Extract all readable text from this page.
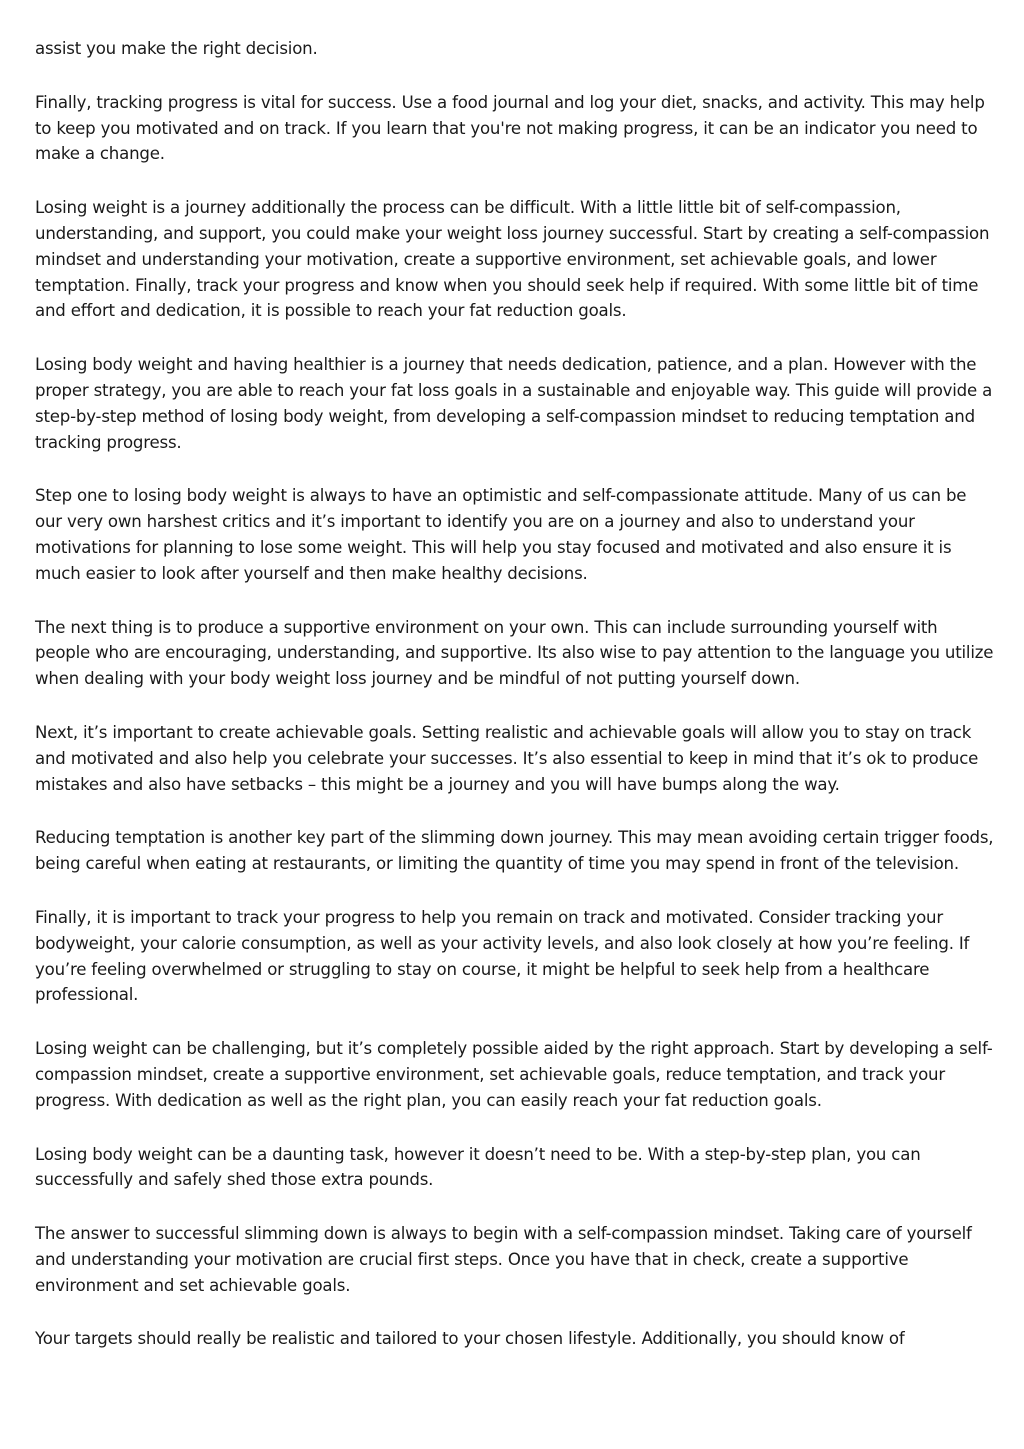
assist you make the right decision.

Finally, tracking progress is vital for success. Use a food journal and log your diet, snacks, and activity. This may help to keep you motivated and on track. If you learn that you're not making progress, it can be an indicator you need to make a change.

Losing weight is a journey additionally the process can be difficult. With a little little bit of self-compassion, understanding, and support, you could make your weight loss journey successful. Start by creating a self-compassion mindset and understanding your motivation, create a supportive environment, set achievable goals, and lower temptation. Finally, track your progress and know when you should seek help if required. With some little bit of time and effort and dedication, it is possible to reach your fat reduction goals.

Losing body weight and having healthier is a journey that needs dedication, patience, and a plan. However with the proper strategy, you are able to reach your fat loss goals in a sustainable and enjoyable way. This guide will provide a step-by-step method of losing body weight, from developing a self-compassion mindset to reducing temptation and tracking progress.

Step one to losing body weight is always to have an optimistic and self-compassionate attitude. Many of us can be our very own harshest critics and it’s important to identify you are on a journey and also to understand your motivations for planning to lose some weight. This will help you stay focused and motivated and also ensure it is much easier to look after yourself and then make healthy decisions.

The next thing is to produce a supportive environment on your own. This can include surrounding yourself with people who are encouraging, understanding, and supportive. Its also wise to pay attention to the language you utilize when dealing with your body weight loss journey and be mindful of not putting yourself down.

Next, it’s important to create achievable goals. Setting realistic and achievable goals will allow you to stay on track and motivated and also help you celebrate your successes. It’s also essential to keep in mind that it’s ok to produce mistakes and also have setbacks – this might be a journey and you will have bumps along the way.

Reducing temptation is another key part of the slimming down journey. This may mean avoiding certain trigger foods, being careful when eating at restaurants, or limiting the quantity of time you may spend in front of the television.

Finally, it is important to track your progress to help you remain on track and motivated. Consider tracking your bodyweight, your calorie consumption, as well as your activity levels, and also look closely at how you’re feeling. If you’re feeling overwhelmed or struggling to stay on course, it might be helpful to seek help from a healthcare professional.

Losing weight can be challenging, but it’s completely possible aided by the right approach. Start by developing a self-compassion mindset, create a supportive environment, set achievable goals, reduce temptation, and track your progress. With dedication as well as the right plan, you can easily reach your fat reduction goals.

Losing body weight can be a daunting task, however it doesn’t need to be. With a step-by-step plan, you can successfully and safely shed those extra pounds.

The answer to successful slimming down is always to begin with a self-compassion mindset. Taking care of yourself and understanding your motivation are crucial first steps. Once you have that in check, create a supportive environment and set achievable goals.

Your targets should really be realistic and tailored to your chosen lifestyle. Additionally, you should know of
